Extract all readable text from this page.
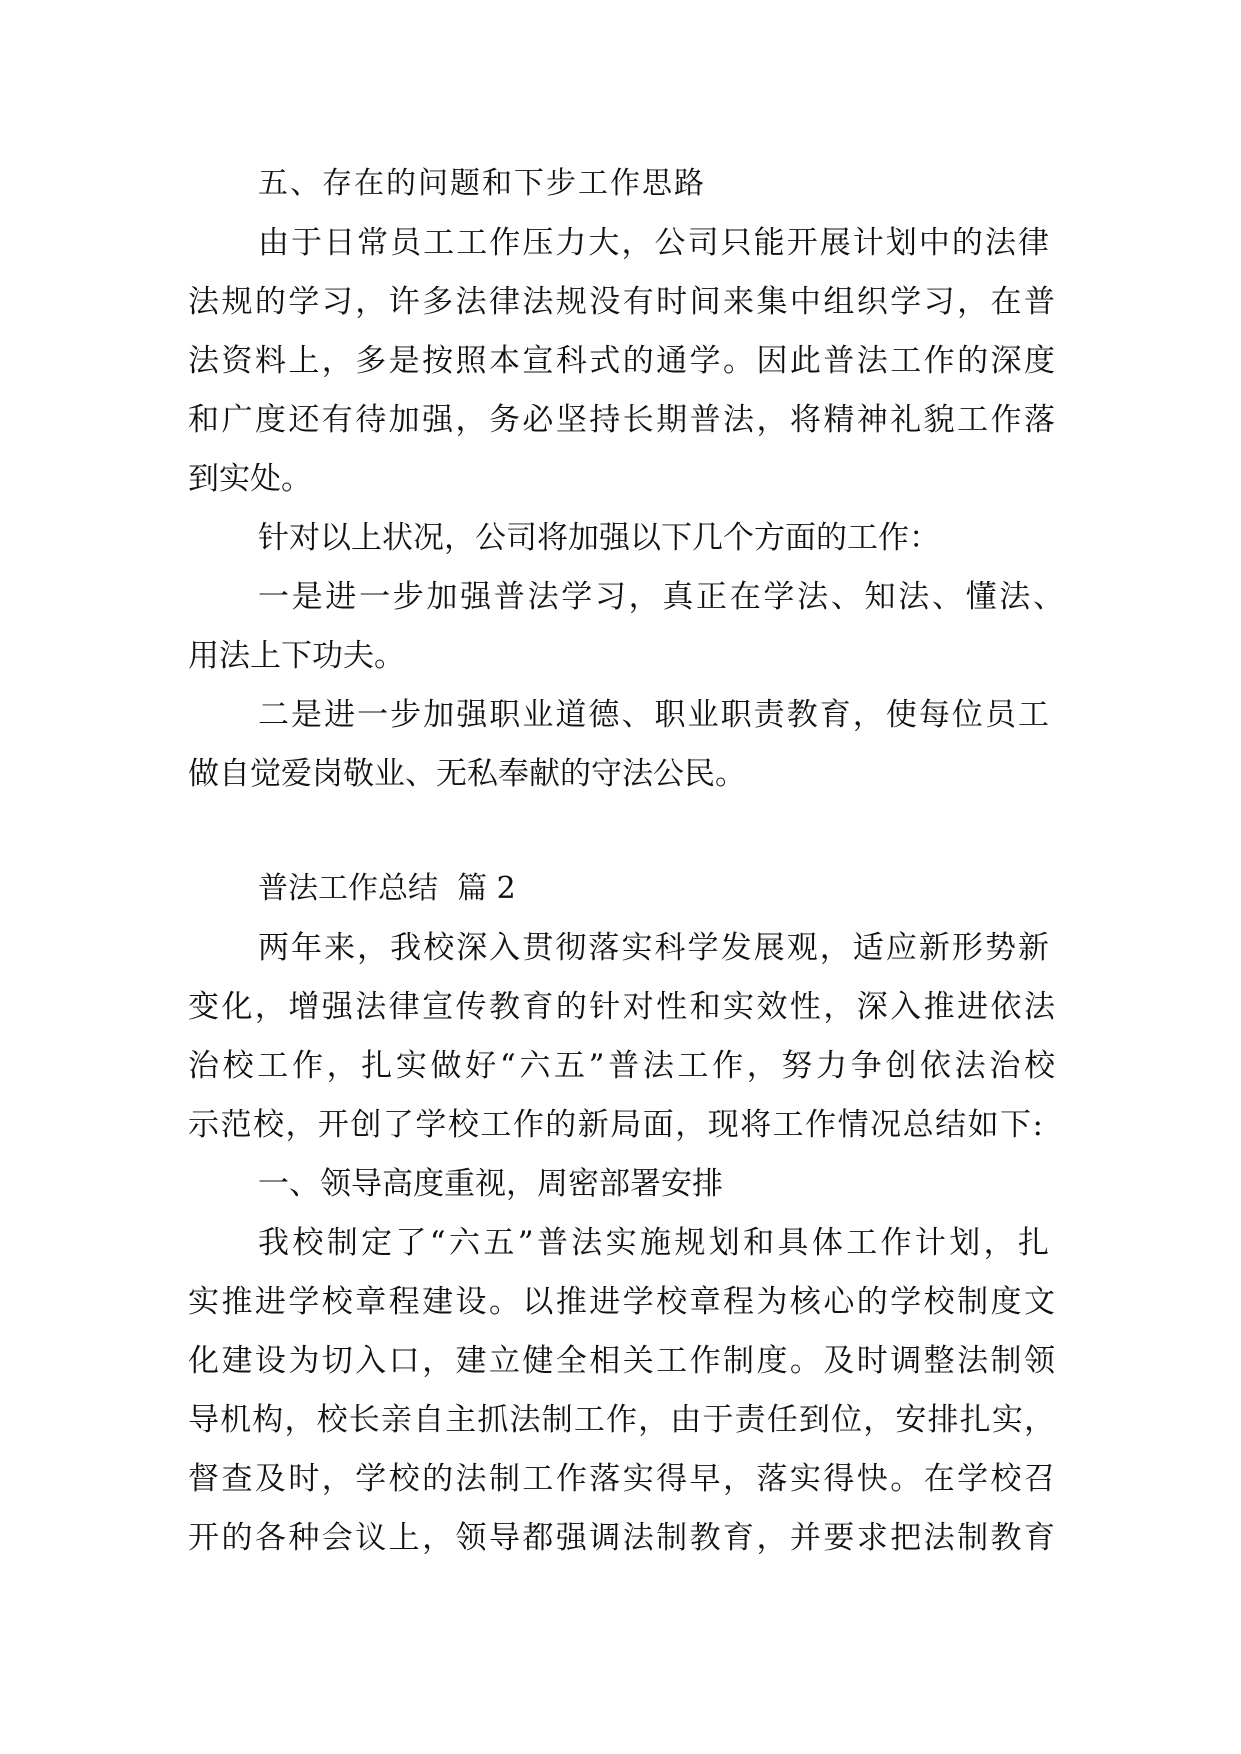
五、存在的问题和下步工作思路

由于日常员工工作压力大，公司只能开展计划中的法律

法规的学习，许多法律法规没有时间来集中组织学习，在普

法资料上，多是按照本宣科式的通学。因此普法工作的深度

和广度还有待加强，务必坚持长期普法，将精神礼貌工作落

到实处。

针对以上状况，公司将加强以下几个方面的工作：

一是进一步加强普法学习，真正在学法、知法、懂法、

用法上下功夫。

二是进一步加强职业道德、职业职责教育，使每位员工

做自觉爱岗敬业、无私奉献的守法公民。

普法工作总结  篇 2

两年来，我校深入贯彻落实科学发展观，适应新形势新

变化，增强法律宣传教育的针对性和实效性，深入推进依法

治校工作，扎实做好“六五”普法工作，努力争创依法治校

示范校，开创了学校工作的新局面，现将工作情况总结如下:

一、领导高度重视，周密部署安排

我校制定了“六五”普法实施规划和具体工作计划，扎

实推进学校章程建设。以推进学校章程为核心的学校制度文

化建设为切入口，建立健全相关工作制度。及时调整法制领

导机构，校长亲自主抓法制工作，由于责任到位，安排扎实，

督查及时，学校的法制工作落实得早，落实得快。在学校召

开的各种会议上，领导都强调法制教育，并要求把法制教育
